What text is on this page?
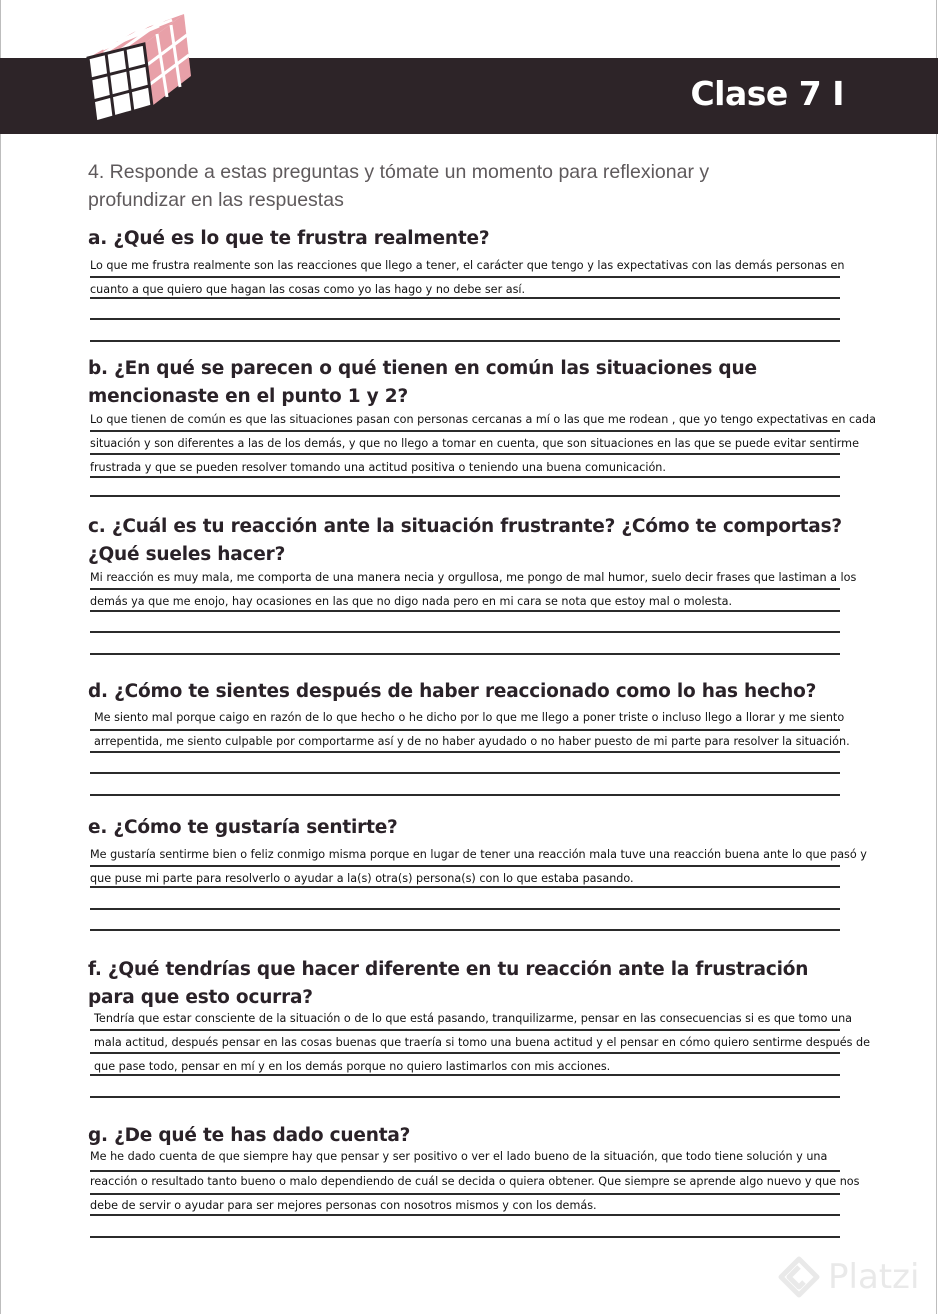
Clase 7 I

4. Responde a estas preguntas y tómate un momento para reflexionar y profundizar en las respuestas

a. ¿Qué es lo que te frustra realmente?

Lo que me frustra realmente son las reacciones que llego a tener, el carácter que tengo y las expectativas con las demás personas en

cuanto a que quiero que hagan las cosas como yo las hago y no debe ser así.

b. ¿En qué se parecen o qué tienen en común las situaciones que mencionaste en el punto 1 y 2?

Lo que tienen de común es que las situaciones pasan con personas cercanas a mí o las que me rodean , que yo tengo expectativas en cada

situación y son diferentes a las de los demás, y que no llego a tomar en cuenta, que son situaciones en las que se puede evitar sentirme

frustrada y que se pueden resolver tomando una actitud positiva o teniendo una buena comunicación.

c. ¿Cuál es tu reacción ante la situación frustrante? ¿Cómo te comportas? ¿Qué sueles hacer?

Mi reacción es muy mala, me comporta de una manera necia y orgullosa, me pongo de mal humor, suelo decir frases que lastiman a los

demás ya que me enojo, hay ocasiones en las que no digo nada pero en mi cara se nota que estoy mal o molesta.

d. ¿Cómo te sientes después de haber reaccionado como lo has hecho?

Me siento mal porque caigo en razón de lo que hecho o he dicho por lo que me llego a poner triste o incluso llego a llorar y me siento

arrepentida, me siento culpable por comportarme así y de no haber ayudado o no haber puesto de mi parte para resolver la situación.

e. ¿Cómo te gustaría sentirte?

Me gustaría sentirme bien o feliz conmigo misma porque en lugar de tener una reacción mala tuve una reacción buena ante lo que pasó y

que puse mi parte para resolverlo o ayudar a la(s) otra(s) persona(s) con lo que estaba pasando.

f. ¿Qué tendrías que hacer diferente en tu reacción ante la frustración para que esto ocurra?

Tendría que estar consciente de la situación o de lo que está pasando, tranquilizarme, pensar en las consecuencias si es que tomo una

mala actitud, después pensar en las cosas buenas que traería si tomo una buena actitud y el pensar en cómo quiero sentirme después de

que pase todo, pensar en mí y en los demás porque no quiero lastimarlos con mis acciones.

g. ¿De qué te has dado cuenta?

Me he dado cuenta de que siempre hay que pensar y ser positivo o ver el lado bueno de la situación, que todo tiene solución y una

reacción o resultado tanto bueno o malo dependiendo de cuál se decida o quiera obtener. Que siempre se aprende algo nuevo y que nos

debe de servir o ayudar para ser mejores personas con nosotros mismos y con los demás.

Platzi
